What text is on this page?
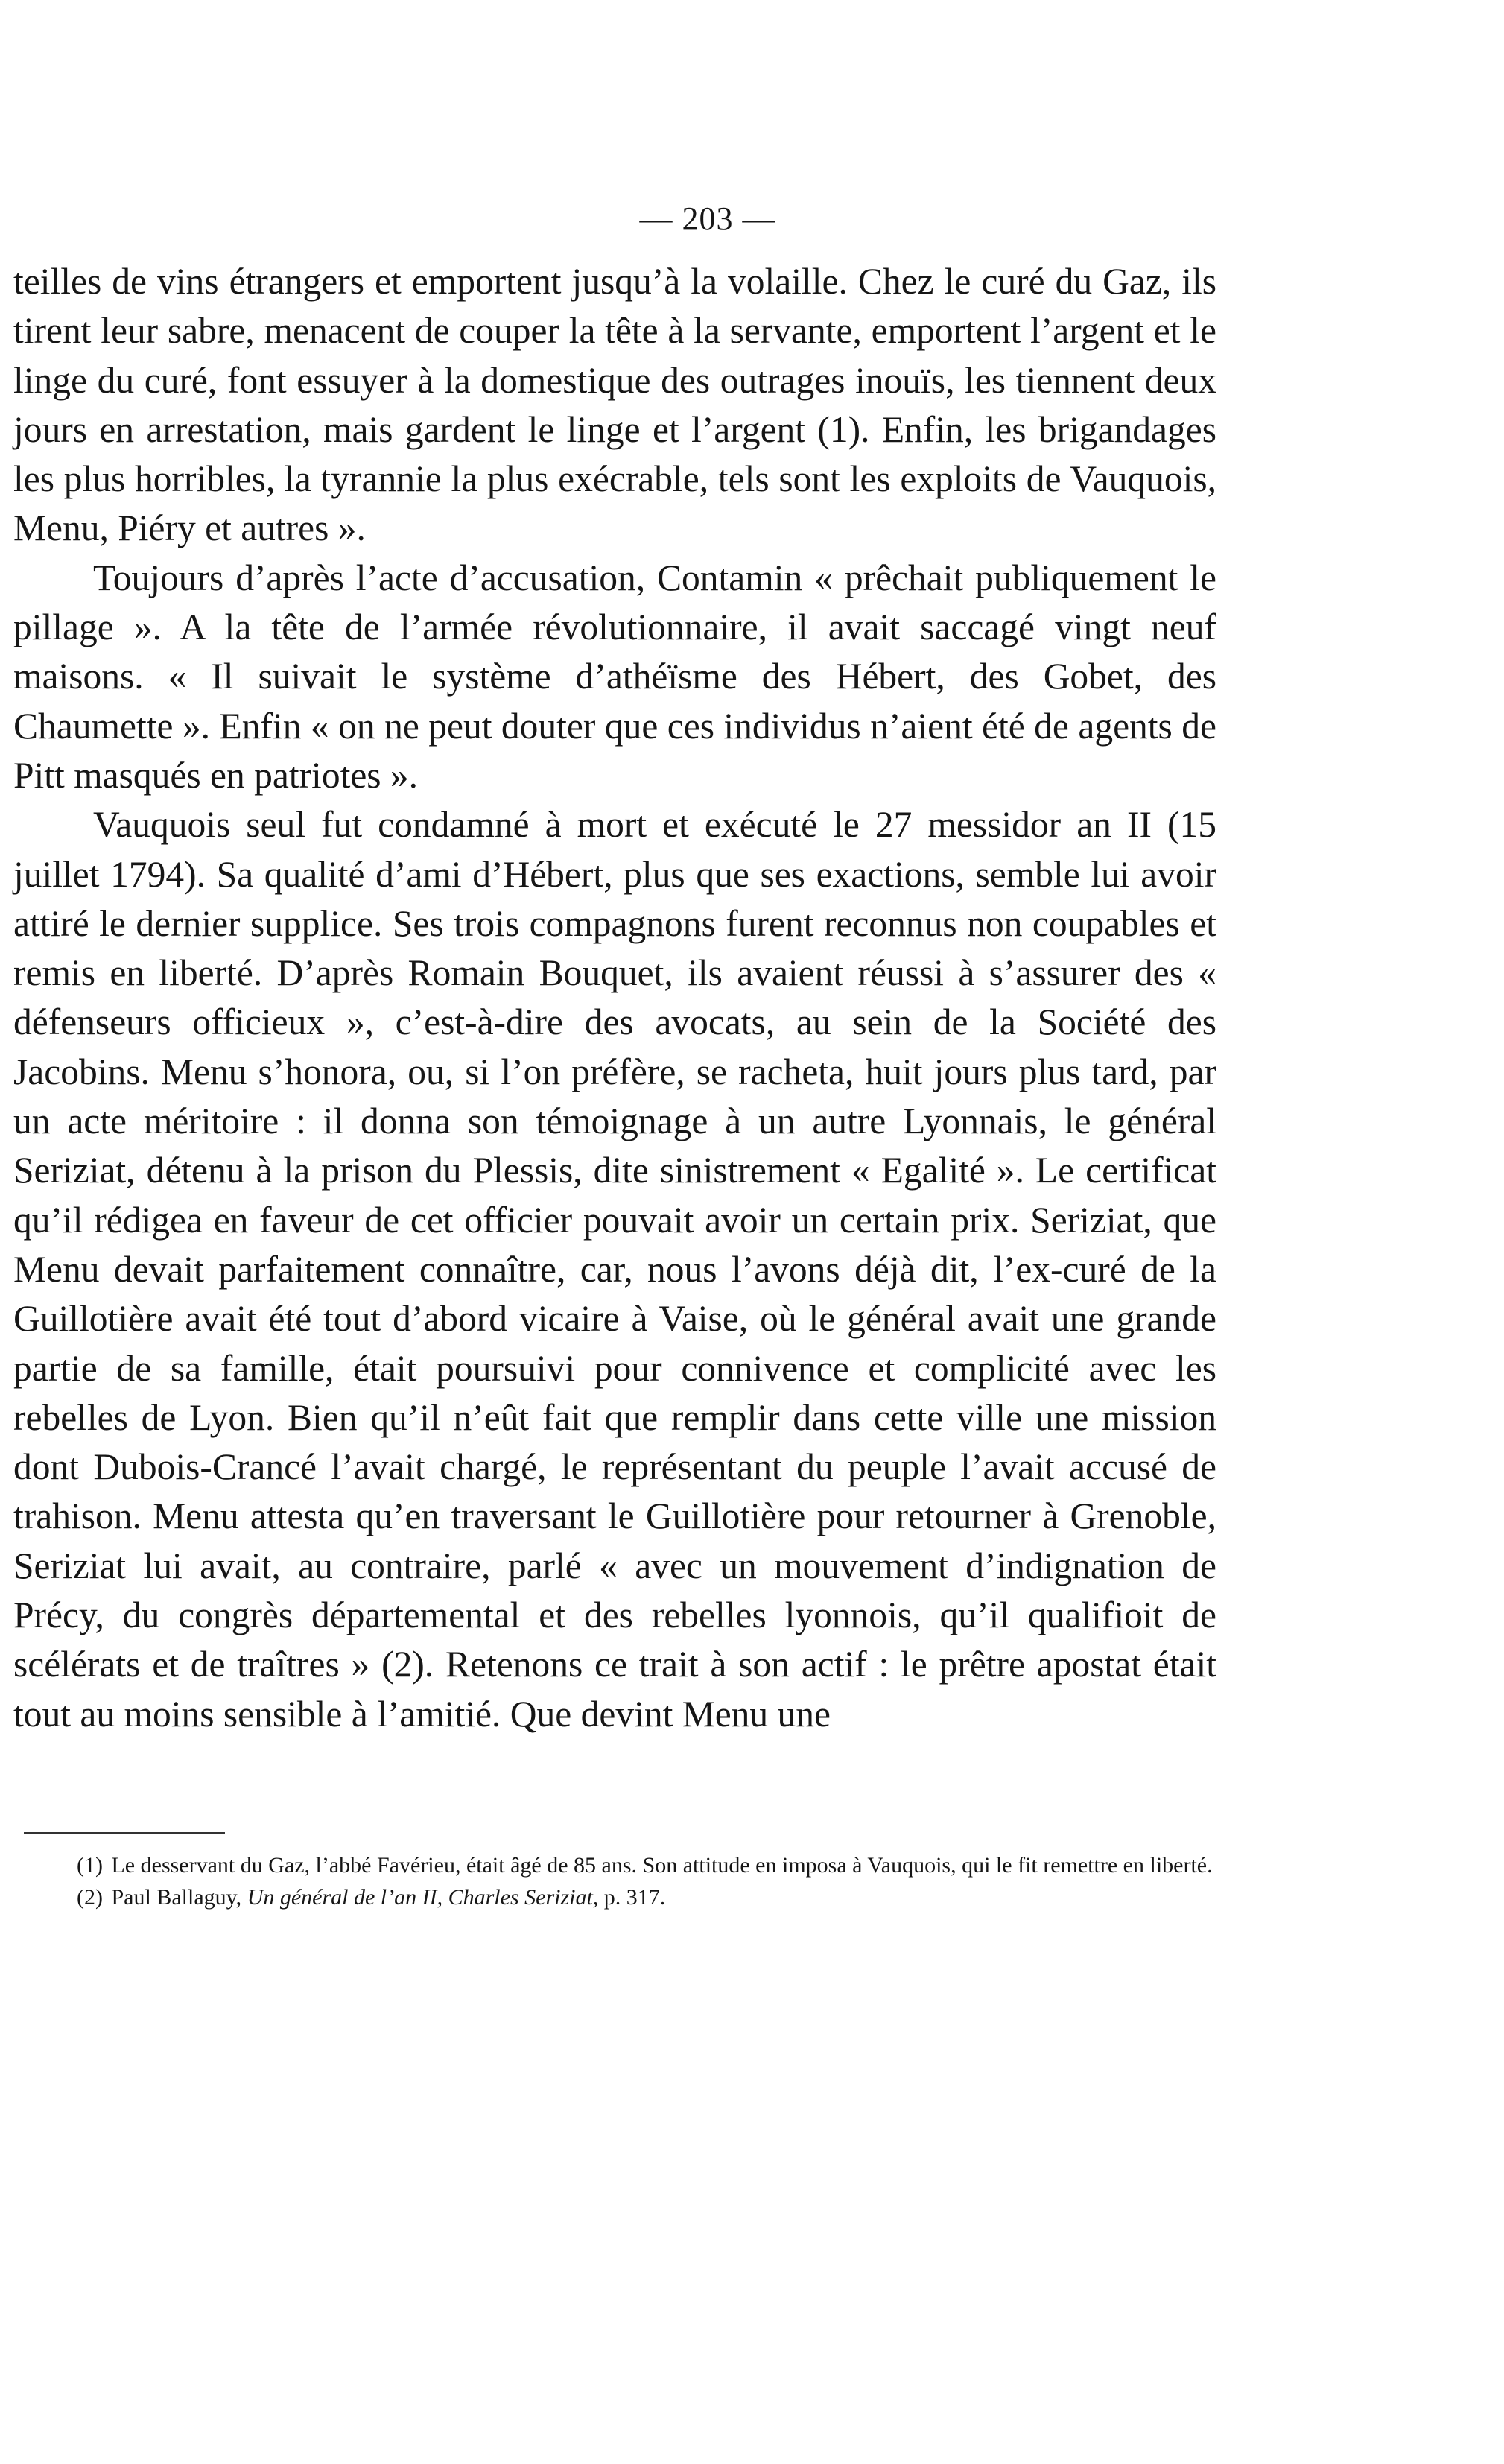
— 203 —

teilles de vins étrangers et emportent jusqu’à la volaille. Chez le curé du Gaz, ils tirent leur sabre, menacent de couper la tête à la servante, emportent l’argent et le linge du curé, font essuyer à la domestique des outrages inouïs, les tiennent deux jours en arrestation, mais gardent le linge et l’argent (1). Enfin, les brigandages les plus horribles, la tyrannie la plus exécrable, tels sont les exploits de Vauquois, Menu, Piéry et autres ».

Toujours d’après l’acte d’accusation, Contamin « prêchait publiquement le pillage ». A la tête de l’armée révolutionnaire, il avait saccagé vingt neuf maisons. « Il suivait le système d’athéïsme des Hébert, des Gobet, des Chaumette ». Enfin « on ne peut douter que ces individus n’aient été de agents de Pitt masqués en patriotes ».

Vauquois seul fut condamné à mort et exécuté le 27 messidor an II (15 juillet 1794). Sa qualité d’ami d’Hébert, plus que ses exactions, semble lui avoir attiré le dernier supplice. Ses trois compagnons furent reconnus non coupables et remis en liberté. D’après Romain Bouquet, ils avaient réussi à s’assurer des « défenseurs officieux », c’est-à-dire des avocats, au sein de la Société des Jacobins. Menu s’honora, ou, si l’on préfère, se racheta, huit jours plus tard, par un acte méritoire : il donna son témoignage à un autre Lyonnais, le général Seriziat, détenu à la prison du Plessis, dite sinistrement « Egalité ». Le certificat qu’il rédigea en faveur de cet officier pouvait avoir un certain prix. Seriziat, que Menu devait parfaitement connaître, car, nous l’avons déjà dit, l’ex-curé de la Guillotière avait été tout d’abord vicaire à Vaise, où le général avait une grande partie de sa famille, était poursuivi pour connivence et complicité avec les rebelles de Lyon. Bien qu’il n’eût fait que remplir dans cette ville une mission dont Dubois-Crancé l’avait chargé, le représentant du peuple l’avait accusé de trahison. Menu attesta qu’en traversant le Guillotière pour retourner à Grenoble, Seriziat lui avait, au contraire, parlé « avec un mouvement d’indignation de Précy, du congrès départemental et des rebelles lyonnois, qu’il qualifioit de scélérats et de traîtres » (2). Retenons ce trait à son actif : le prêtre apostat était tout au moins sensible à l’amitié. Que devint Menu une

(1) Le desservant du Gaz, l’abbé Favérieu, était âgé de 85 ans. Son attitude en imposa à Vauquois, qui le fit remettre en liberté.

(2) Paul Ballaguy, Un général de l’an II, Charles Seriziat, p. 317.
